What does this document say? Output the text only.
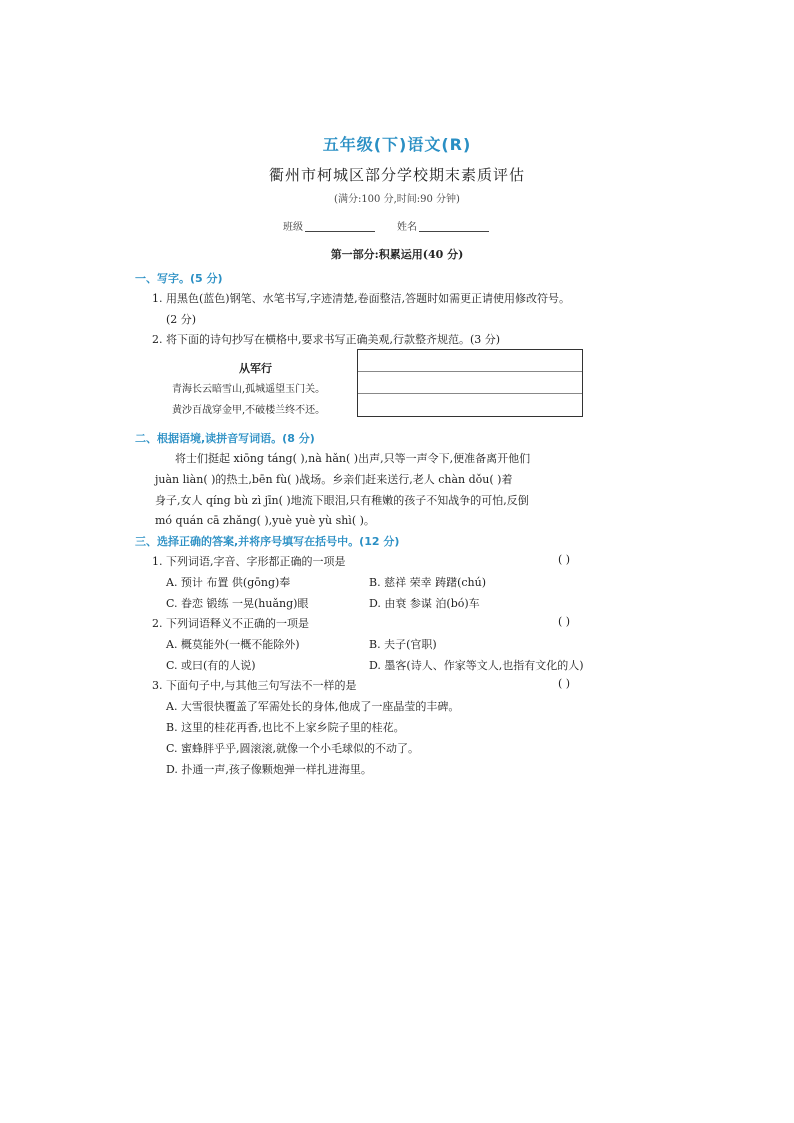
五年级(下)语文(R)
衢州市柯城区部分学校期末素质评估
(满分:100 分,时间:90 分钟)
班级	姓名
第一部分:积累运用(40 分)
一、写字。(5 分)
1. 用黑色(蓝色)钢笔、水笔书写,字迹清楚,卷面整洁,答题时如需更正请使用修改符号。
(2 分)
2. 将下面的诗句抄写在横格中,要求书写正确美观,行款整齐规范。(3 分)
从军行
青海长云暗雪山,孤城遥望玉门关。
黄沙百战穿金甲,不破楼兰终不还。
二、根据语境,读拼音写词语。(8 分)
将士们挺起 xiōng táng( ),nà hǎn( )出声,只等一声令下,便准备离开他们
juàn liàn( )的热土,bēn fù( )战场。乡亲们赶来送行,老人 chàn dǒu( )着
身子,女人 qíng bù zì jīn( )地流下眼泪,只有稚嫩的孩子不知战争的可怕,反倒
mó quán cā zhǎng( ),yuè yuè yù shì( )。
三、选择正确的答案,并将序号填写在括号中。(12 分)
1. 下列词语,字音、字形都正确的一项是	( )
A. 预计 布置 供(gōng)奉	B. 慈祥 荣幸 踌躇(chú)
C. 眷恋 锻练 一晃(huǎng)眼	D. 由衰 参谋 泊(bó)车
2. 下列词语释义不正确的一项是	( )
A. 概莫能外(一概不能除外)	B. 夫子(官职)
C. 或曰(有的人说)	D. 墨客(诗人、作家等文人,也指有文化的人)
3. 下面句子中,与其他三句写法不一样的是	( )
A. 大雪很快覆盖了军需处长的身体,他成了一座晶莹的丰碑。
B. 这里的桂花再香,也比不上家乡院子里的桂花。
C. 蜜蜂胖乎乎,圆滚滚,就像一个小毛球似的不动了。
D. 扑通一声,孩子像颗炮弹一样扎进海里。
